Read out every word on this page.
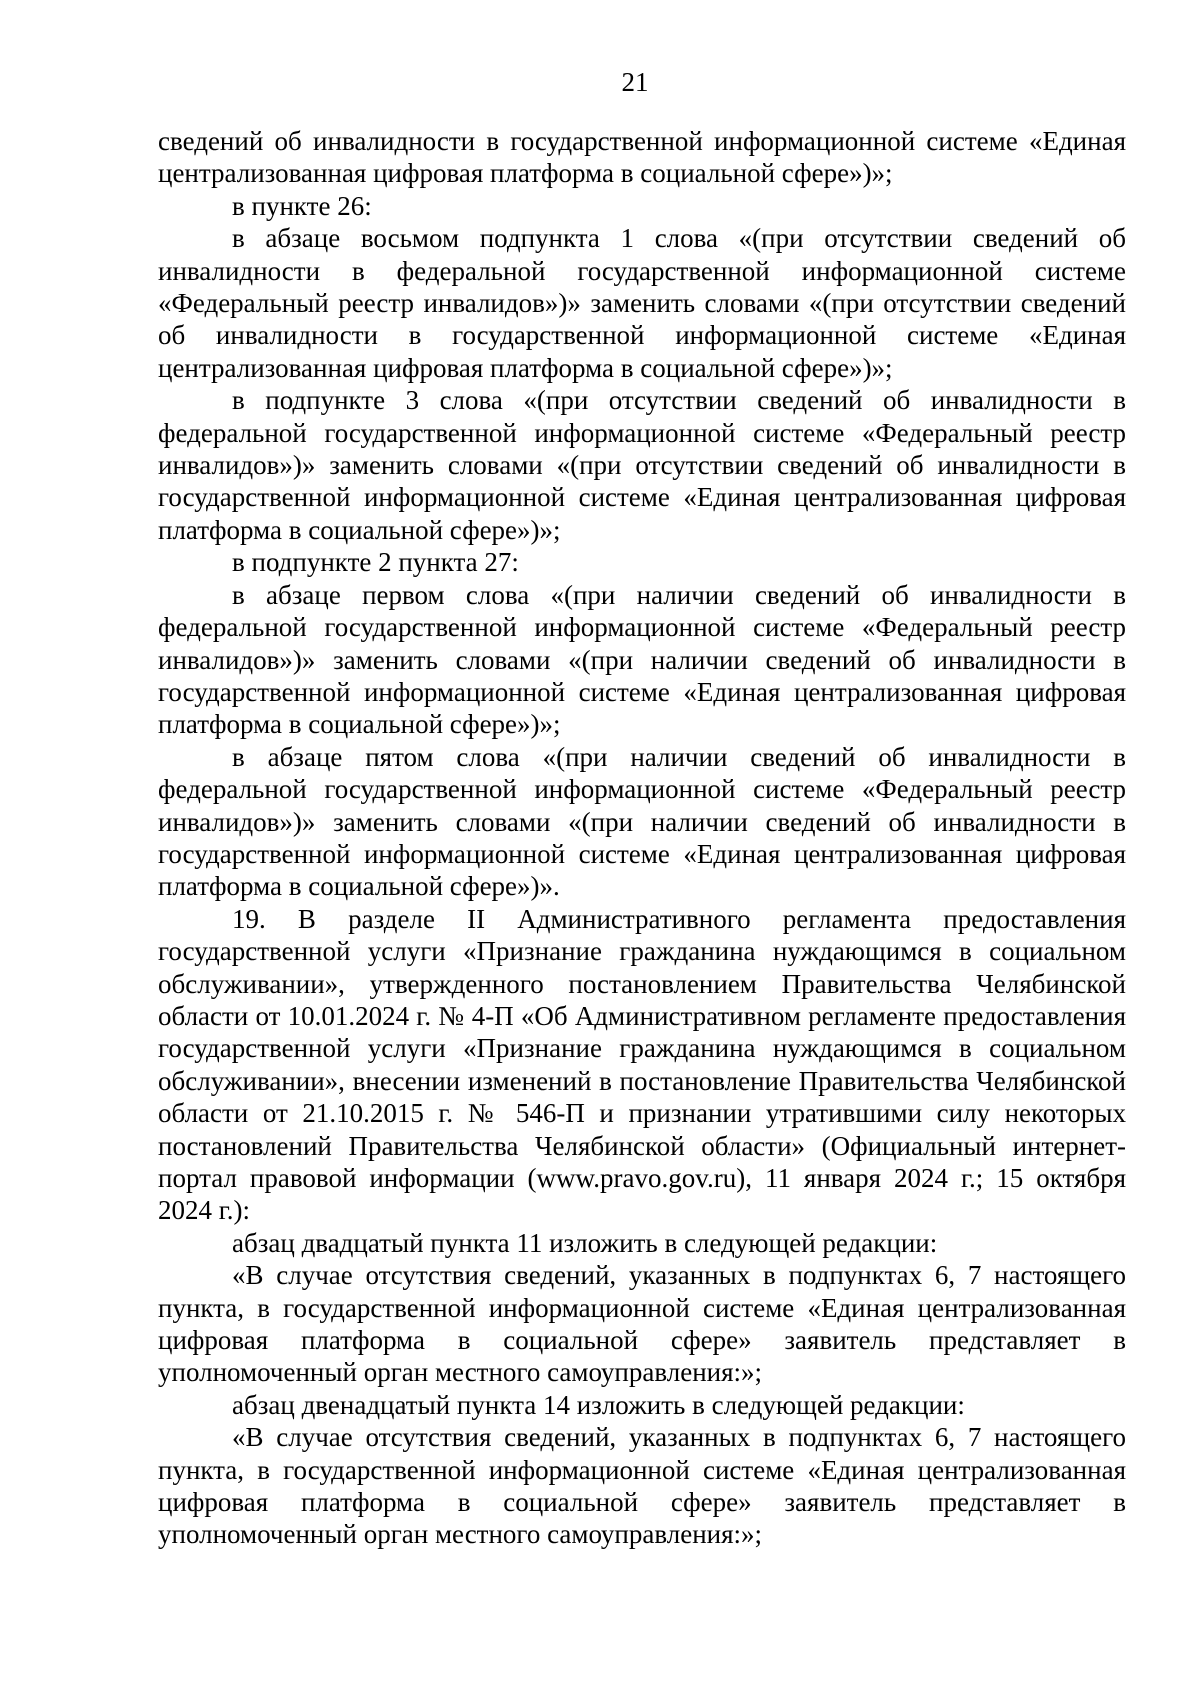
21

сведений об инвалидности в государственной информационной системе «Единая централизованная цифровая платформа в социальной сфере»)»;

в пункте 26:

в абзаце восьмом подпункта 1 слова «(при отсутствии сведений об инвалидности в федеральной государственной информационной системе «Федеральный реестр инвалидов»)» заменить словами «(при отсутствии сведений об инвалидности в государственной информационной системе «Единая централизованная цифровая платформа в социальной сфере»)»;

в подпункте 3 слова «(при отсутствии сведений об инвалидности в федеральной государственной информационной системе «Федеральный реестр инвалидов»)» заменить словами «(при отсутствии сведений об инвалидности в государственной информационной системе «Единая централизованная цифровая платформа в социальной сфере»)»;

в подпункте 2 пункта 27:

в абзаце первом слова «(при наличии сведений об инвалидности в федеральной государственной информационной системе «Федеральный реестр инвалидов»)» заменить словами «(при наличии сведений об инвалидности в государственной информационной системе «Единая централизованная цифровая платформа в социальной сфере»)»;

в абзаце пятом слова «(при наличии сведений об инвалидности в федеральной государственной информационной системе «Федеральный реестр инвалидов»)» заменить словами «(при наличии сведений об инвалидности в государственной информационной системе «Единая централизованная цифровая платформа в социальной сфере»)».

19. В разделе II Административного регламента предоставления государственной услуги «Признание гражданина нуждающимся в социальном обслуживании», утвержденного постановлением Правительства Челябинской области от 10.01.2024 г. № 4-П «Об Административном регламенте предоставления государственной услуги «Признание гражданина нуждающимся в социальном обслуживании», внесении изменений в постановление Правительства Челябинской области от 21.10.2015 г. № 546-П и признании утратившими силу некоторых постановлений Правительства Челябинской области» (Официальный интернет-портал правовой информации (www.pravo.gov.ru), 11 января 2024 г.; 15 октября 2024 г.):

абзац двадцатый пункта 11 изложить в следующей редакции:

«В случае отсутствия сведений, указанных в подпунктах 6, 7 настоящего пункта, в государственной информационной системе «Единая централизованная цифровая платформа в социальной сфере» заявитель представляет в уполномоченный орган местного самоуправления:»;

абзац двенадцатый пункта 14 изложить в следующей редакции:

«В случае отсутствия сведений, указанных в подпунктах 6, 7 настоящего пункта, в государственной информационной системе «Единая централизованная цифровая платформа в социальной сфере» заявитель представляет в уполномоченный орган местного самоуправления:»;
